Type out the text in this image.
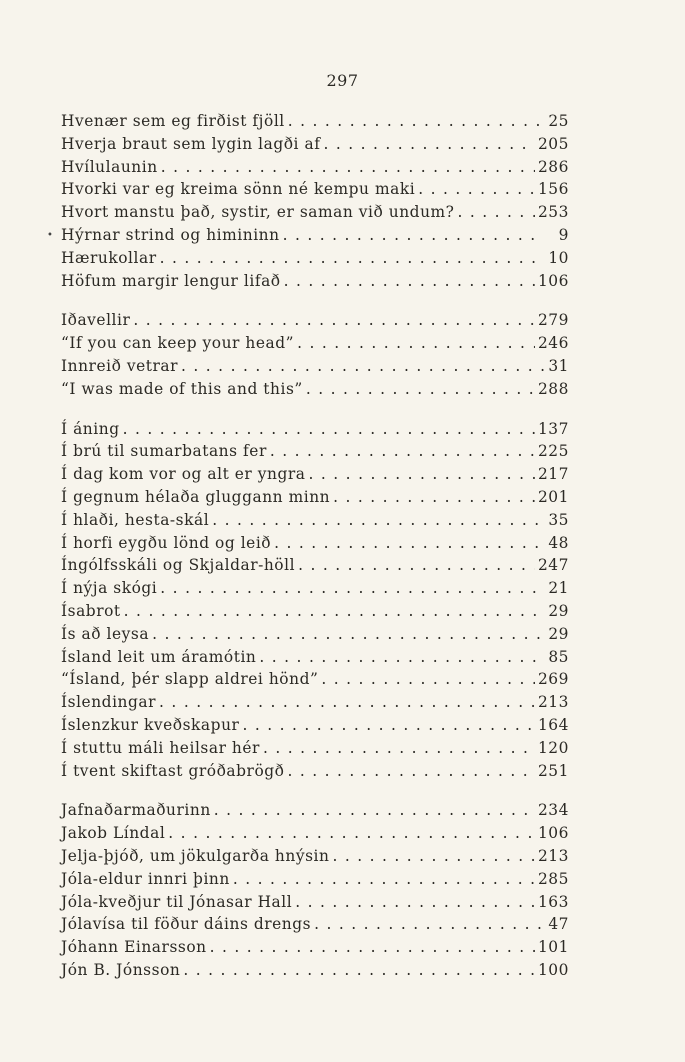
297
•
Hvenær sem eg firðist fjöll . . .	25
Hverja braut sem lygin lagði af . . .	205
Hvílulaunin . . .	286
Hvorki var eg kreima sönn né kempu maki . . .	156
Hvort manstu það, systir, er saman við undum? . . .	253
Hýrnar strind og himininn . . .	9
Hærukollar . . .	10
Höfum margir lengur lifað . . .	106
Iðavellir . . .	279
“If you can keep your head” . . .	246
Innreið vetrar . . .	31
“I was made of this and this” . . .	288
Í áning . . .	137
Í brú til sumarbatans fer . . .	225
Í dag kom vor og alt er yngra . . .	217
Í gegnum hélaða gluggann minn . . .	201
Í hlaði, hesta-skál . . .	35
Í horfi eygðu lönd og leið . . .	48
Íngólfsskáli og Skjaldar-höll . . .	247
Í nýja skógi . . .	21
Ísabrot . . .	29
Ís að leysa . . .	29
Ísland leit um áramótin . . .	85
“Ísland, þér slapp aldrei hönd” . . .	269
Íslendingar . . .	213
Íslenzkur kveðskapur . . .	164
Í stuttu máli heilsar hér . . .	120
Í tvent skiftast gróðabrögð . . .	251
Jafnaðarmaðurinn . . .	234
Jakob Líndal . . .	106
Jelja-þjóð, um jökulgarða hnýsin . . .	213
Jóla-eldur innri þinn . . .	285
Jóla-kveðjur til Jónasar Hall . . .	163
Jólavísa til föður dáins drengs . . .	47
Jóhann Einarsson . . .	101
Jón B. Jónsson . . .	100
